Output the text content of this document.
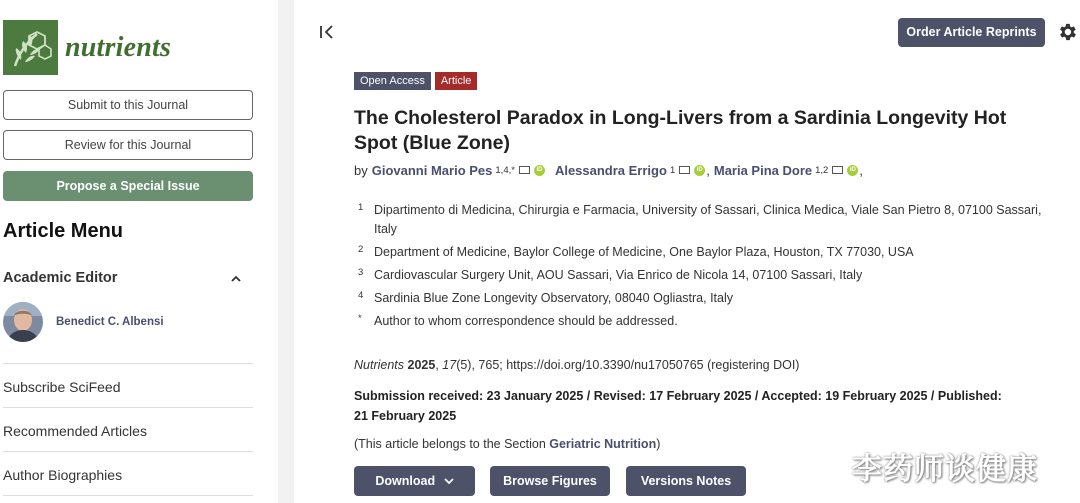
nutrients
Submit to this Journal
Review for this Journal
Propose a Special Issue
Article Menu
Academic Editor
Benedict C. Albensi
Subscribe SciFeed
Recommended Articles
Author Biographies
Order Article Reprints
Open Access	Article
The Cholesterol Paradox in Long-Livers from a Sardinia Longevity Hot Spot (Blue Zone)
by Giovanni Mario Pes 1,4,*	iD Alessandra Errigo 1	iD , Maria Pina Dore 1,2	iD ,
1 Dipartimento di Medicina, Chirurgia e Farmacia, University of Sassari, Clinica Medica, Viale San Pietro 8, 07100 Sassari, Italy
2 Department of Medicine, Baylor College of Medicine, One Baylor Plaza, Houston, TX 77030, USA
3 Cardiovascular Surgery Unit, AOU Sassari, Via Enrico de Nicola 14, 07100 Sassari, Italy
4 Sardinia Blue Zone Longevity Observatory, 08040 Ogliastra, Italy
* Author to whom correspondence should be addressed.
Nutrients 2025, 17(5), 765; https://doi.org/10.3390/nu17050765 (registering DOI)
Submission received: 23 January 2025 / Revised: 17 February 2025 / Accepted: 19 February 2025 / Published: 21 February 2025
(This article belongs to the Section Geriatric Nutrition)
Download	Browse Figures	Versions Notes	李药师谈健康
